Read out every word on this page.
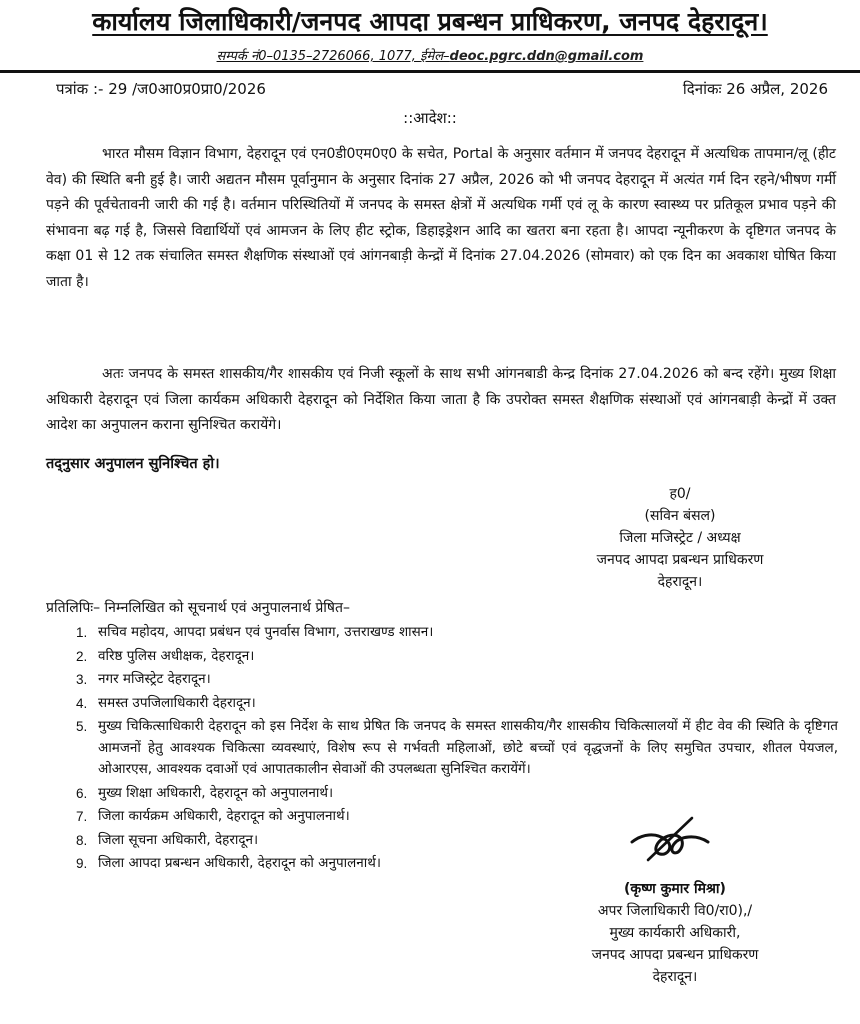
कार्यालय जिलाधिकारी/जनपद आपदा प्रबन्धन प्राधिकरण, जनपद देहरादून।
सम्पर्क नं0–0135–2726066, 1077, ईमेल–deoc.pgrc.ddn@gmail.com
पत्रांक :- 29 /ज0आ0प्र0प्रा0/2026	दिनांकः 26 अप्रैल, 2026
::आदेश::
भारत मौसम विज्ञान विभाग, देहरादून एवं एन0डी0एम0ए0 के सचेत, Portal के अनुसार वर्तमान में जनपद देहरादून में अत्यधिक तापमान/लू (हीट वेव) की स्थिति बनी हुई है। जारी अद्यतन मौसम पूर्वानुमान के अनुसार दिनांक 27 अप्रैल, 2026 को भी जनपद देहरादून में अत्यंत गर्म दिन रहने/भीषण गर्मी पड़ने की पूर्वचेतावनी जारी की गई है। वर्तमान परिस्थितियों में जनपद के समस्त क्षेत्रों में अत्यधिक गर्मी एवं लू के कारण स्वास्थ्य पर प्रतिकूल प्रभाव पड़ने की संभावना बढ़ गई है, जिससे विद्यार्थियों एवं आमजन के लिए हीट स्ट्रोक, डिहाइड्रेशन आदि का खतरा बना रहता है। आपदा न्यूनीकरण के दृष्टिगत जनपद के कक्षा 01 से 12 तक संचालित समस्त शैक्षणिक संस्थाओं एवं आंगनबाड़ी केन्द्रों में दिनांक 27.04.2026 (सोमवार) को एक दिन का अवकाश घोषित किया जाता है।
अतः जनपद के समस्त शासकीय/गैर शासकीय एवं निजी स्कूलों के साथ सभी आंगनबाडी केन्द्र दिनांक 27.04.2026 को बन्द रहेंगे। मुख्य शिक्षा अधिकारी देहरादून एवं जिला कार्यकम अधिकारी देहरादून को निर्देशित किया जाता है कि उपरोक्त समस्त शैक्षणिक संस्थाओं एवं आंगनबाड़ी केन्द्रों में उक्त आदेश का अनुपालन कराना सुनिश्चित करायेंगे।
तद्नुसार अनुपालन सुनिश्चित हो।
ह0/
(सविन बंसल)
जिला मजिस्ट्रेट / अध्यक्ष
जनपद आपदा प्रबन्धन प्राधिकरण
देहरादून।
प्रतिलिपिः– निम्नलिखित को सूचनार्थ एवं अनुपालनार्थ प्रेषित–
1. सचिव महोदय, आपदा प्रबंधन एवं पुनर्वास विभाग, उत्तराखण्ड शासन।
2. वरिष्ठ पुलिस अधीक्षक, देहरादून।
3. नगर मजिस्ट्रेट देहरादून।
4. समस्त उपजिलाधिकारी देहरादून।
5. मुख्य चिकित्साधिकारी देहरादून को इस निर्देश के साथ प्रेषित कि जनपद के समस्त शासकीय/गैर शासकीय चिकित्सालयों में हीट वेव की स्थिति के दृष्टिगत आमजनों हेतु आवश्यक चिकित्सा व्यवस्थाएं, विशेष रूप से गर्भवती महिलाओं, छोटे बच्चों एवं वृद्धजनों के लिए समुचित उपचार, शीतल पेयजल, ओआरएस, आवश्यक दवाओं एवं आपातकालीन सेवाओं की उपलब्धता सुनिश्चित करायेंगें।
6. मुख्य शिक्षा अधिकारी, देहरादून को अनुपालनार्थ।
7. जिला कार्यक्रम अधिकारी, देहरादून को अनुपालनार्थ।
8. जिला सूचना अधिकारी, देहरादून।
9. जिला आपदा प्रबन्धन अधिकारी, देहरादून को अनुपालनार्थ।
(कृष्ण कुमार मिश्रा)
अपर जिलाधिकारी वि0/रा0),/
मुख्य कार्यकारी अधिकारी,
जनपद आपदा प्रबन्धन प्राधिकरण
देहरादून।
